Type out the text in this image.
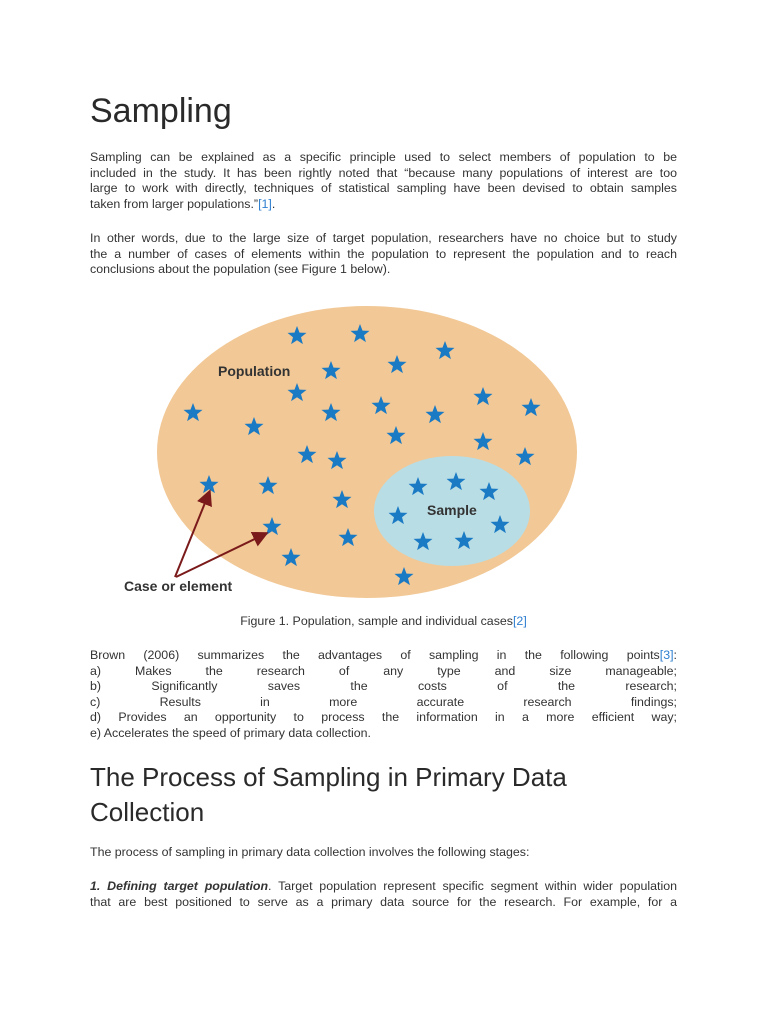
Sampling
Sampling can be explained as a specific principle used to select members of population to be
included in the study. It has been rightly noted that “because many populations of interest are too
large to work with directly, techniques of statistical sampling have been devised to obtain samples
taken from larger populations.”[1].
In other words, due to the large size of target population, researchers have no choice but to study
the a number of cases of elements within the population to represent the population and to reach
conclusions about the population (see Figure 1 below).
Population
Sample
Case or element
Figure 1. Population, sample and individual cases[2]
Brown (2006) summarizes the advantages of sampling in the following points[3]:
a) Makes the research of any type and size manageable;
b) Significantly saves the costs of the research;
c) Results in more accurate research findings;
d) Provides an opportunity to process the information in a more efficient way;
e) Accelerates the speed of primary data collection.
The Process of Sampling in Primary Data Collection
The process of sampling in primary data collection involves the following stages:
1. Defining target population. Target population represent specific segment within wider population
that are best positioned to serve as a primary data source for the research. For example, for a
